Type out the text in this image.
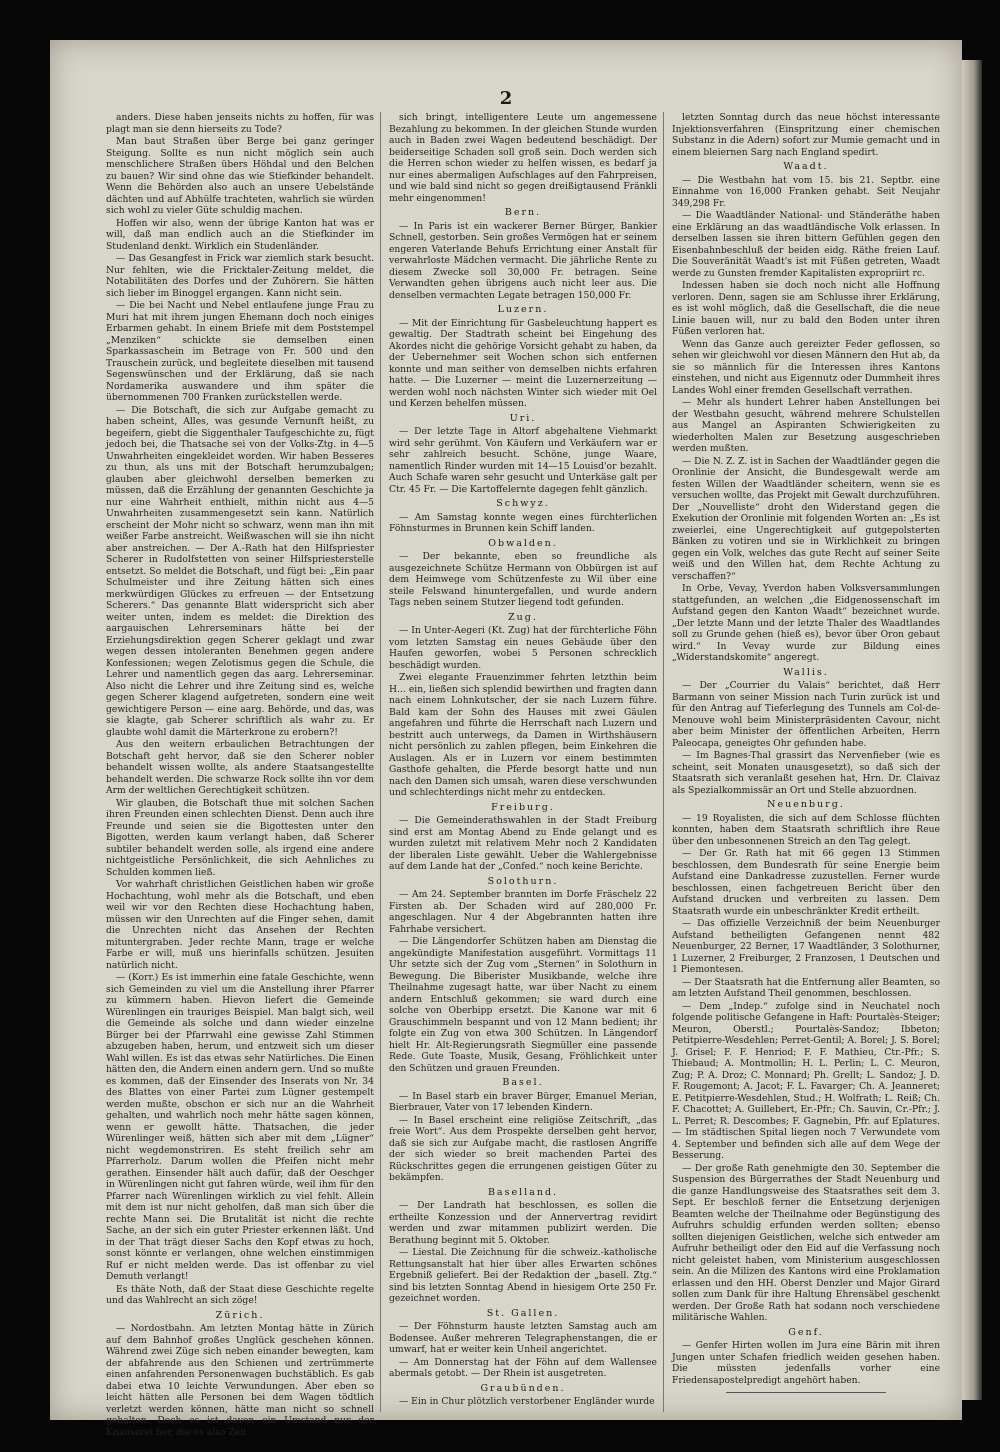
2

anders. Diese haben jenseits nichts zu hoffen, für was plagt man sie denn hierseits zu Tode?

Man baut Straßen über Berge bei ganz geringer Steigung. Sollte es nun nicht möglich sein auch menschlichere Straßen übers Höhdal und den Belchen zu bauen? Wir sind ohne das wie Stiefkinder behandelt. Wenn die Behörden also auch an unsere Uebelstände dächten und auf Abhülfe trachteten, wahrlich sie würden sich wohl zu vieler Güte schuldig machen.

Hoffen wir also, wenn der übrige Kanton hat was er will, daß man endlich auch an die Stiefkinder im Studenland denkt. Wirklich ein Studenländer.

— Das Gesangfest in Frick war ziemlich stark besucht. Nur fehlten, wie die Fricktaler-Zeitung meldet, die Notabilitäten des Dorfes und der Zuhörern. Sie hätten sich lieber im Binoggel ergangen. Kann nicht sein.

— Die bei Nacht und Nebel entlaufene junge Frau zu Muri hat mit ihrem jungen Ehemann doch noch einiges Erbarmen gehabt. In einem Briefe mit dem Poststempel „Menziken“ schickte sie demselben einen Sparkassaschein im Betrage von Fr. 500 und den Trauschein zurück, und begleitete dieselben mit tausend Segenswünschen und der Erklärung, daß sie nach Nordamerika auswandere und ihm später die übernommenen 700 Franken zurückstellen werde.

— Die Botschaft, die sich zur Aufgabe gemacht zu haben scheint, Alles, was gesunde Vernunft heißt, zu begeifern, giebt die Siggenthaler Taufgeschichte zu, fügt jedoch bei, die Thatsache sei von der Volks-Ztg. in 4—5 Unwahrheiten eingekleidet worden. Wir haben Besseres zu thun, als uns mit der Botschaft herumzubalgen; glauben aber gleichwohl derselben bemerken zu müssen, daß die Erzählung der genannten Geschichte ja nur eine Wahrheit enthielt, mithin nicht aus 4—5 Unwahrheiten zusammengesetzt sein kann. Natürlich erscheint der Mohr nicht so schwarz, wenn man ihn mit weißer Farbe anstreicht. Weißwaschen will sie ihn nicht aber anstreichen. — Der A.-Rath hat den Hilfspriester Scherer in Rudolfstetten von seiner Hilfspriesterstelle entsetzt. So meldet die Botschaft, und fügt bei: „Ein paar Schulmeister und ihre Zeitung hätten sich eines merkwürdigen Glückes zu erfreuen — der Entsetzung Scherers.“ Das genannte Blatt widerspricht sich aber weiter unten, indem es meldet: die Direktion des aargauischen Lehrerseminars hätte bei der Erziehungsdirektion gegen Scherer geklagt und zwar wegen dessen intoleranten Benehmen gegen andere Konfessionen; wegen Zelotismus gegen die Schule, die Lehrer und namentlich gegen das aarg. Lehrerseminar. Also nicht die Lehrer und ihre Zeitung sind es, welche gegen Scherer klagend aufgetreten, sondern eine weit gewichtigere Person — eine aarg. Behörde, und das, was sie klagte, gab Scherer schriftlich als wahr zu. Er glaubte wohl damit die Märterkrone zu erobern?!

Aus den weitern erbaulichen Betrachtungen der Botschaft geht hervor, daß sie den Scherer nobler behandelt wissen wollte, als andere Staatsangestellte behandelt werden. Die schwarze Rock sollte ihn vor dem Arm der weltlichen Gerechtigkeit schützen.

Wir glauben, die Botschaft thue mit solchen Sachen ihren Freunden einen schlechten Dienst. Denn auch ihre Freunde und seien sie die Bigottesten unter den Bigotten, werden kaum verlangt haben, daß Scherer subtiler behandelt werden solle, als irgend eine andere nichtgeistliche Persönlichkeit, die sich Aehnliches zu Schulden kommen ließ.

Vor wahrhaft christlichen Geistlichen haben wir große Hochachtung, wohl mehr als die Botschaft, und eben weil wir vor den Rechten diese Hochachtung haben, müssen wir den Unrechten auf die Finger sehen, damit die Unrechten nicht das Ansehen der Rechten mituntergraben. Jeder rechte Mann, trage er welche Farbe er will, muß uns hierinfalls schützen. Jesuiten natürlich nicht.

— (Korr.) Es ist immerhin eine fatale Geschichte, wenn sich Gemeinden zu viel um die Anstellung ihrer Pfarrer zu kümmern haben. Hievon liefert die Gemeinde Würenlingen ein trauriges Beispiel. Man balgt sich, weil die Gemeinde als solche und dann wieder einzelne Bürger bei der Pfarrwahl eine gewisse Zahl Stimmen abzugeben haben, herum, und entzweit sich um dieser Wahl willen. Es ist das etwas sehr Natürliches. Die Einen hätten den, die Andern einen andern gern. Und so mußte es kommen, daß der Einsender des Inserats von Nr. 34 des Blattes von einer Partei zum Lügner gestempelt werden mußte, obschon er sich nur an die Wahrheit gehalten, und wahrlich noch mehr hätte sagen können, wenn er gewollt hätte. Thatsachen, die jeder Würenlinger weiß, hätten sich aber mit dem „Lügner“ nicht wegdemonstriren. Es steht freilich sehr am Pfarrerholz. Darum wollen die Pfeifen nicht mehr gerathen. Einsender hält auch dafür, daß der Oeschger in Würenlingen nicht gut fahren würde, weil ihm für den Pfarrer nach Würenlingen wirklich zu viel fehlt. Allein mit dem ist nur nicht geholfen, daß man sich über die rechte Mann sei. Die Brutalität ist nicht die rechte Sache, an der sich ein guter Priester erkennen läßt. Und in der That trägt dieser Sachs den Kopf etwas zu hoch, sonst könnte er verlangen, ohne welchen einstimmigen Ruf er nicht melden werde. Das ist offenbar zu viel Demuth verlangt!

Es thäte Noth, daß der Staat diese Geschichte regelte und das Wahlrecht an sich zöge!

Zürich.

— Nordostbahn. Am letzten Montag hätte in Zürich auf dem Bahnhof großes Unglück geschehen können. Während zwei Züge sich neben einander bewegten, kam der abfahrende aus den Schienen und zertrümmerte einen anfahrenden Personenwagen buchstäblich. Es gab dabei etwa 10 leichte Verwundungen. Aber eben so leicht hätten alle Personen bei dem Wagen tödtlich verletzt werden können, hätte man nicht so schnell gehalten. Doch es ist davon ein Umstand nur der Knauserei her, die es also Zeit

sich bringt, intelligentere Leute um angemessene Bezahlung zu bekommen. In der gleichen Stunde wurden auch in Baden zwei Wagen bedeutend beschädigt. Der beiderseitige Schaden soll groß sein. Doch werden sich die Herren schon wieder zu helfen wissen, es bedarf ja nur eines abermaligen Aufschlages auf den Fahrpreisen, und wie bald sind nicht so gegen dreißigtausend Fränkli mehr eingenommen!

Bern.

— In Paris ist ein wackerer Berner Bürger, Bankier Schnell, gestorben. Sein großes Vermögen hat er seinem engeren Vaterlande Behufs Errichtung einer Anstalt für verwahrloste Mädchen vermacht. Die jährliche Rente zu diesem Zwecke soll 30,000 Fr. betragen. Seine Verwandten gehen übrigens auch nicht leer aus. Die denselben vermachten Legate betragen 150,000 Fr.

Luzern.

— Mit der Einrichtung für Gasbeleuchtung happert es gewaltig. Der Stadtrath scheint bei Eingehung des Akordes nicht die gehörige Vorsicht gehabt zu haben, da der Uebernehmer seit Wochen schon sich entfernen konnte und man seither von demselben nichts erfahren hatte. — Die Luzerner — meint die Luzernerzeitung — werden wohl noch nächsten Winter sich wieder mit Oel und Kerzen behelfen müssen.

Uri.

— Der letzte Tage in Altorf abgehaltene Viehmarkt wird sehr gerühmt. Von Käufern und Verkäufern war er sehr zahlreich besucht. Schöne, junge Waare, namentlich Rinder wurden mit 14—15 Louisd'or bezahlt. Auch Schafe waren sehr gesucht und Unterkäse galt per Ctr. 45 Fr. — Die Kartoffelernte dagegen fehlt gänzlich.

Schwyz.

— Am Samstag konnte wegen eines fürchterlichen Föhnsturmes in Brunnen kein Schiff landen.

Obwalden.

— Der bekannte, eben so freundliche als ausgezeichnete Schütze Hermann von Obbürgen ist auf dem Heimwege vom Schützenfeste zu Wil über eine steile Felswand hinuntergefallen, und wurde andern Tags neben seinem Stutzer liegend todt gefunden.

Zug.

— In Unter-Aegeri (Kt. Zug) hat der fürchterliche Föhn vom letzten Samstag ein neues Gebäude über den Haufen geworfen, wobei 5 Personen schrecklich beschädigt wurden.

Zwei elegante Frauenzimmer fehrten letzthin beim H... ein, ließen sich splendid bewirthen und fragten dann nach einem Lohnkutscher, der sie nach Luzern führe. Bald kam der Sohn des Hauses mit zwei Gäulen angefahren und führte die Herrschaft nach Luzern und bestritt auch unterwegs, da Damen in Wirthshäusern nicht persönlich zu zahlen pflegen, beim Einkehren die Auslagen. Als er in Luzern vor einem bestimmten Gasthofe gehalten, die Pferde besorgt hatte und nun nach den Damen sich umsah, waren diese verschwunden und schlechterdings nicht mehr zu entdecken.

Freiburg.

— Die Gemeinderathswahlen in der Stadt Freiburg sind erst am Montag Abend zu Ende gelangt und es wurden zuletzt mit relativem Mehr noch 2 Kandidaten der liberalen Liste gewählt. Ueber die Wahlergebnisse auf dem Lande hat der „Confed.“ noch keine Berichte.

Solothurn.

— Am 24. September brannten im Dorfe Fräschelz 22 Firsten ab. Der Schaden wird auf 280,000 Fr. angeschlagen. Nur 4 der Abgebrannten hatten ihre Fahrhabe versichert.

— Die Längendorfer Schützen haben am Dienstag die angekündigte Manifestation ausgeführt. Vormittags 11 Uhr setzte sich der Zug vom „Sternen“ in Solothurn in Bewegung. Die Biberister Musikbande, welche ihre Theilnahme zugesagt hatte, war über Nacht zu einem andern Entschluß gekommen; sie ward durch eine solche von Oberbipp ersetzt. Die Kanone war mit 6 Grauschimmeln bespannt und von 12 Mann bedient; ihr folgte ein Zug von etwa 300 Schützen. In Längendorf hielt Hr. Alt-Regierungsrath Siegmüller eine passende Rede. Gute Toaste, Musik, Gesang, Fröhlichkeit unter den Schützen und grauen Freunden.

Basel.

— In Basel starb ein braver Bürger, Emanuel Merian, Bierbrauer, Vater von 17 lebenden Kindern.

— In Basel erscheint eine religiöse Zeitschrift, „das freie Wort“. Aus dem Prospekte derselben geht hervor, daß sie sich zur Aufgabe macht, die rastlosen Angriffe der sich wieder so breit machenden Partei des Rückschrittes gegen die errungenen geistigen Güter zu bekämpfen.

Baselland.

— Der Landrath hat beschlossen, es sollen die ertheilte Konzession und der Annervertrag revidirt werden und zwar mitammen publizirt werden. Die Berathung beginnt mit 5. Oktober.

— Liestal. Die Zeichnung für die schweiz.-katholische Rettungsanstalt hat hier über alles Erwarten schönes Ergebniß geliefert. Bei der Redaktion der „basell. Ztg.“ sind bis letzten Sonntag Abend in hiesigem Orte 250 Fr. gezeichnet worden.

St. Gallen.

— Der Föhnsturm hauste letzten Samstag auch am Bodensee. Außer mehreren Telegraphenstangen, die er umwarf, hat er weiter kein Unheil angerichtet.

— Am Donnerstag hat der Föhn auf dem Wallensee abermals getobt. — Der Rhein ist ausgetreten.

Graubünden.

— Ein in Chur plötzlich verstorbener Engländer wurde

letzten Sonntag durch das neue höchst interessante Injektionsverfahren (Einspritzung einer chemischen Substanz in die Adern) sofort zur Mumie gemacht und in einem bleiernen Sarg nach England spedirt.

Waadt.

— Die Westbahn hat vom 15. bis 21. Septbr. eine Einnahme von 16,000 Franken gehabt. Seit Neujahr 349,298 Fr.

— Die Waadtländer National- und Ständeräthe haben eine Erklärung an das waadtländische Volk erlassen. In derselben lassen sie ihren bittern Gefühlen gegen den Eisenbahnbeschluß der beiden eidg. Räthe freien Lauf. Die Souveränität Waadt's ist mit Füßen getreten, Waadt werde zu Gunsten fremder Kapitalisten expropriirt rc.

Indessen haben sie doch noch nicht alle Hoffnung verloren. Denn, sagen sie am Schlusse ihrer Erklärung, es ist wohl möglich, daß die Gesellschaft, die die neue Linie bauen will, nur zu bald den Boden unter ihren Füßen verloren hat.

Wenn das Ganze auch gereizter Feder geflossen, so sehen wir gleichwohl vor diesen Männern den Hut ab, da sie so männlich für die Interessen ihres Kantons einstehen, und nicht aus Eigennutz oder Dummheit ihres Landes Wohl einer fremden Gesellschaft verrathen.

— Mehr als hundert Lehrer haben Anstellungen bei der Westbahn gesucht, während mehrere Schulstellen aus Mangel an Aspiranten Schwierigkeiten zu wiederholten Malen zur Besetzung ausgeschrieben werden mußten.

— Die N. Z. Z. ist in Sachen der Waadtländer gegen die Oronlinie der Ansicht, die Bundesgewalt werde am festen Willen der Waadtländer scheitern, wenn sie es versuchen wollte, das Projekt mit Gewalt durchzuführen. Der „Nouvelliste“ droht den Widerstand gegen die Exekution der Oronlinie mit folgenden Worten an: „Es ist zweierlei, eine Ungerechtigkeit auf gutgepolsterten Bänken zu votiren und sie in Wirklichkeit zu bringen gegen ein Volk, welches das gute Recht auf seiner Seite weiß und den Willen hat, dem Rechte Achtung zu verschaffen?“

In Orbe, Vevay, Yverdon haben Volksversammlungen stattgefunden, an welchen „die Eidgenossenschaft im Aufstand gegen den Kanton Waadt“ bezeichnet wurde. „Der letzte Mann und der letzte Thaler des Waadtlandes soll zu Grunde gehen (hieß es), bevor über Oron gebaut wird.“ In Vevay wurde zur Bildung eines „Widerstandskomite“ angeregt.

Wallis.

— Der „Courrier du Valais“ berichtet, daß Herr Barmann von seiner Mission nach Turin zurück ist und für den Antrag auf Tieferlegung des Tunnels am Col-de-Menouve wohl beim Ministerpräsidenten Cavour, nicht aber beim Minister der öffentlichen Arbeiten, Herrn Paleocapa, geneigtes Ohr gefunden habe.

— Im Bagnes-Thal grassirt das Nervenfieber (wie es scheint, seit Monaten unausgesetzt), so daß sich der Staatsrath sich veranlaßt gesehen hat, Hrn. Dr. Claivaz als Spezialkommissär an Ort und Stelle abzuordnen.

Neuenburg.

— 19 Royalisten, die sich auf dem Schlosse flüchten konnten, haben dem Staatsrath schriftlich ihre Reue über den unbesonnenen Streich an den Tag gelegt.

— Der Gr. Rath hat mit 66 gegen 13 Stimmen beschlossen, dem Bundesrath für seine Energie beim Aufstand eine Dankadresse zuzustellen. Ferner wurde beschlossen, einen fachgetreuen Bericht über den Aufstand drucken und verbreiten zu lassen. Dem Staatsrath wurde ein unbeschränkter Kredit ertheilt.

— Das offizielle Verzeichniß der beim Neuenburger Aufstand betheiligten Gefangenen nennt 482 Neuenburger, 22 Berner, 17 Waadtländer, 3 Solothurner, 1 Luzerner, 2 Freiburger, 2 Franzosen, 1 Deutschen und 1 Piemontesen.

— Der Staatsrath hat die Entfernung aller Beamten, so am letzten Aufstand Theil genommen, beschlossen.

— Dem „Indep.“ zufolge sind in Neuchatel noch folgende politische Gefangene in Haft: Pourtalès-Steiger; Meuron, Oberstl.; Pourtalès-Sandoz; Ibbeton; Petitpierre-Wesdehlen; Perret-Gentil; A. Borel; J. S. Borel; J. Grisel; F. F. Henriod; F. F. Mathieu, Ctr.-Pfr.; S. Thiebaud; A. Montmollin; H. L. Perlin; L. C. Meuron, Zug; P. A. Droz; C. Monnard; Ph. Grellt; L. Sandoz; J. D. F. Rougemont; A. Jacot; F. L. Favarger; Ch. A. Jeanneret; E. Petitpierre-Wesdehlen, Stud.; H. Wolfrath; L. Reiß; Ch. F. Chacottet; A. Guillebert, Er.-Pfr.; Ch. Sauvin, Cr.-Pfr.; J. L. Perret; R. Descombes; F. Gagnebin, Pfr. auf Eplatures. — Im städtischen Spital liegen noch 7 Verwundete vom 4. September und befinden sich alle auf dem Wege der Besserung.

— Der große Rath genehmigte den 30. September die Suspension des Bürgerrathes der Stadt Neuenburg und die ganze Handlungsweise des Staatsrathes seit dem 3. Sept. Er beschloß ferner die Entsetzung derjenigen Beamten welche der Theilnahme oder Begünstigung des Aufruhrs schuldig erfunden werden sollten; ebenso sollten diejenigen Geistlichen, welche sich entweder am Aufruhr betheiligt oder den Eid auf die Verfassung noch nicht geleistet haben, vom Ministerium ausgeschlossen sein. An die Milizen des Kantons wird eine Proklamation erlassen und den HH. Oberst Denzler und Major Girard sollen zum Dank für ihre Haltung Ehrensäbel geschenkt werden. Der Große Rath hat sodann noch verschiedene militärische Wahlen.

Genf.

— Genfer Hirten wollen im Jura eine Bärin mit ihren Jungen unter Schafen friedlich weiden gesehen haben. Die müssten jedenfalls vorher eine Friedensapostelpredigt angehört haben.
